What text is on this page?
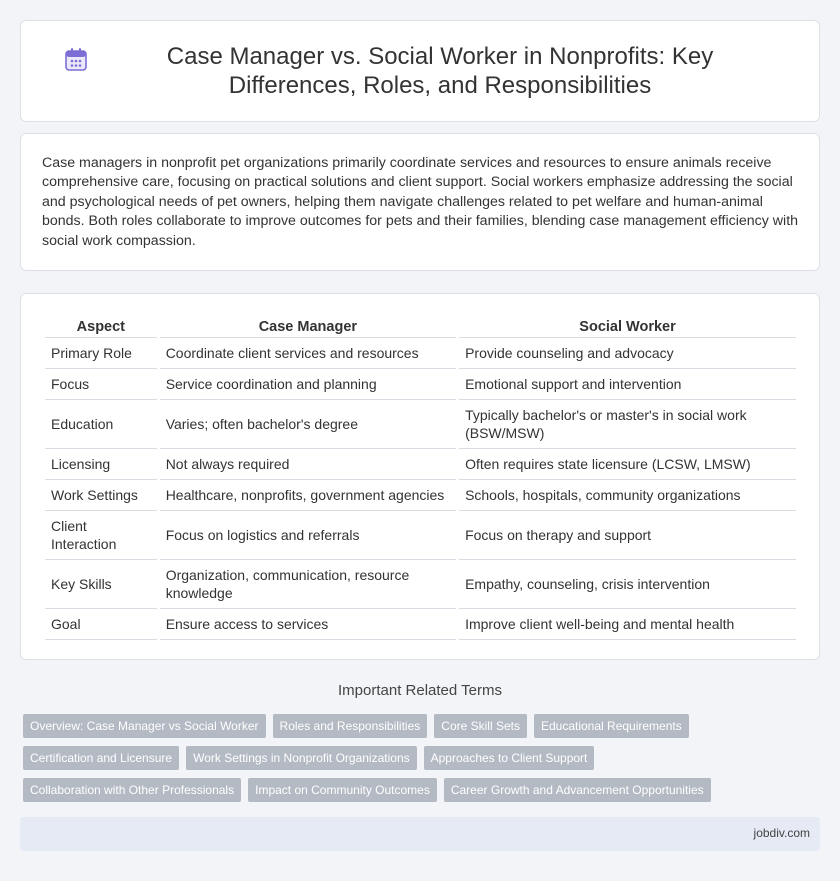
Case Manager vs. Social Worker in Nonprofits: Key Differences, Roles, and Responsibilities

Case managers in nonprofit pet organizations primarily coordinate services and resources to ensure animals receive comprehensive care, focusing on practical solutions and client support. Social workers emphasize addressing the social and psychological needs of pet owners, helping them navigate challenges related to pet welfare and human-animal bonds. Both roles collaborate to improve outcomes for pets and their families, blending case management efficiency with social work compassion.

Aspect	Case Manager	Social Worker
Primary Role	Coordinate client services and resources	Provide counseling and advocacy
Focus	Service coordination and planning	Emotional support and intervention
Education	Varies; often bachelor's degree	Typically bachelor's or master's in social work (BSW/MSW)
Licensing	Not always required	Often requires state licensure (LCSW, LMSW)
Work Settings	Healthcare, nonprofits, government agencies	Schools, hospitals, community organizations
Client Interaction	Focus on logistics and referrals	Focus on therapy and support
Key Skills	Organization, communication, resource knowledge	Empathy, counseling, crisis intervention
Goal	Ensure access to services	Improve client well-being and mental health
Important Related Terms
Overview: Case Manager vs Social Worker	Roles and Responsibilities	Core Skill Sets	Educational Requirements
Certification and Licensure	Work Settings in Nonprofit Organizations	Approaches to Client Support
Collaboration with Other Professionals	Impact on Community Outcomes	Career Growth and Advancement Opportunities
jobdiv.com
